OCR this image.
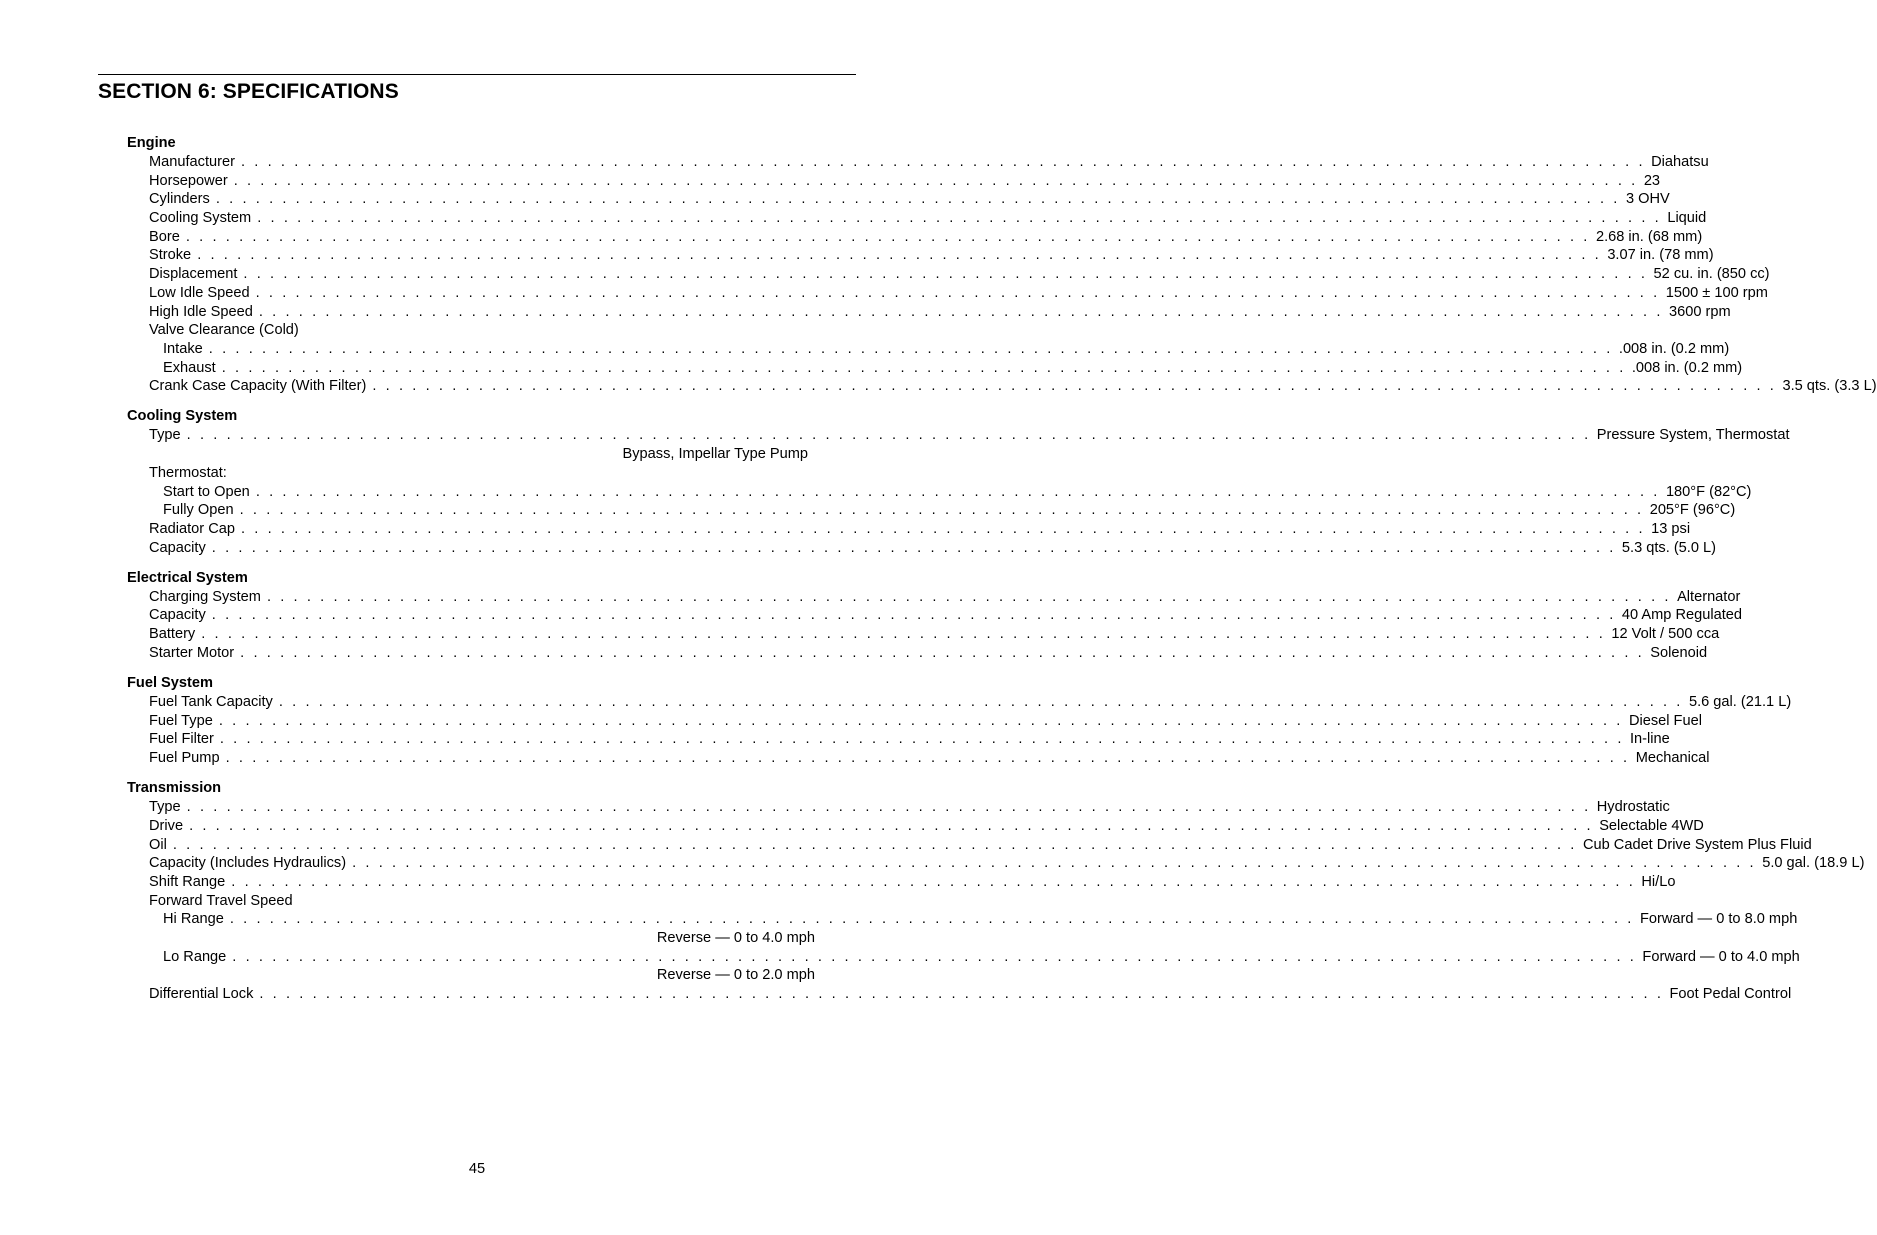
SECTION 6: SPECIFICATIONS
Engine
Manufacturer . . . . . . . . . . . . . . . . . . . . . . . . . . . . . . . . . . . . . . . . . . . . . . . . . . . . . . . . . . . . . . . . . . . . . . . . . . . . . . . . . . . . . . . . . . . . . . . . . . . . . . . . . . Diahatsu
Horsepower . . . . . . . . . . . . . . . . . . . . . . . . . . . . . . . . . . . . . . . . . . . . . . . . . . . . . . . . . . . . . . . . . . . . . . . . . . . . . . . . . . . . . . . . . . . . . . . . . . . . . . . . . . 23
Cylinders . . . . . . . . . . . . . . . . . . . . . . . . . . . . . . . . . . . . . . . . . . . . . . . . . . . . . . . . . . . . . . . . . . . . . . . . . . . . . . . . . . . . . . . . . . . . . . . . . . . . . . . . . . 3 OHV
Cooling System . . . . . . . . . . . . . . . . . . . . . . . . . . . . . . . . . . . . . . . . . . . . . . . . . . . . . . . . . . . . . . . . . . . . . . . . . . . . . . . . . . . . . . . . . . . . . . . . . . . . . . . . . . Liquid
Bore . . . . . . . . . . . . . . . . . . . . . . . . . . . . . . . . . . . . . . . . . . . . . . . . . . . . . . . . . . . . . . . . . . . . . . . . . . . . . . . . . . . . . . . . . . . . . . . . . . . . . . . . . . 2.68 in. (68 mm)
Stroke . . . . . . . . . . . . . . . . . . . . . . . . . . . . . . . . . . . . . . . . . . . . . . . . . . . . . . . . . . . . . . . . . . . . . . . . . . . . . . . . . . . . . . . . . . . . . . . . . . . . . . . . . . 3.07 in. (78 mm)
Displacement . . . . . . . . . . . . . . . . . . . . . . . . . . . . . . . . . . . . . . . . . . . . . . . . . . . . . . . . . . . . . . . . . . . . . . . . . . . . . . . . . . . . . . . . . . . . . . . . . . . . . . . . . . 52 cu. in. (850 cc)
Low Idle Speed . . . . . . . . . . . . . . . . . . . . . . . . . . . . . . . . . . . . . . . . . . . . . . . . . . . . . . . . . . . . . . . . . . . . . . . . . . . . . . . . . . . . . . . . . . . . . . . . . . . . . . . . . . 1500 ± 100 rpm
High Idle Speed . . . . . . . . . . . . . . . . . . . . . . . . . . . . . . . . . . . . . . . . . . . . . . . . . . . . . . . . . . . . . . . . . . . . . . . . . . . . . . . . . . . . . . . . . . . . . . . . . . . . . . . . . . 3600 rpm
Valve Clearance (Cold)
Intake . . . . . . . . . . . . . . . . . . . . . . . . . . . . . . . . . . . . . . . . . . . . . . . . . . . . . . . . . . . . . . . . . . . . . . . . . . . . . . . . . . . . . . . . . . . . . . . . . . . . . . . . . . .008 in. (0.2 mm)
Exhaust . . . . . . . . . . . . . . . . . . . . . . . . . . . . . . . . . . . . . . . . . . . . . . . . . . . . . . . . . . . . . . . . . . . . . . . . . . . . . . . . . . . . . . . . . . . . . . . . . . . . . . . . . . .008 in. (0.2 mm)
Crank Case Capacity (With Filter) . . . . . . . . . . . . . . . . . . . . . . . . . . . . . . . . . . . . . . . . . . . . . . . . . . . . . . . . . . . . . . . . . . . . . . . . . . . . . . . . . . . . . . . . . . . . . . . . . . . . . . . . . . 3.5 qts. (3.3 L)
Cooling System
Type . . . . . . . . . . . . . . . . . . . . . . . . . . . . . . . . . . . . . . . . . . . . . . . . . . . . . . . . . . . . . . . . . . . . . . . . . . . . . . . . . . . . . . . . . . . . . . . . . . . . . . . . . . Pressure System, Thermostat
Bypass, Impellar Type Pump
Thermostat:
Start to Open . . . . . . . . . . . . . . . . . . . . . . . . . . . . . . . . . . . . . . . . . . . . . . . . . . . . . . . . . . . . . . . . . . . . . . . . . . . . . . . . . . . . . . . . . . . . . . . . . . . . . . . . . . 180°F (82°C)
Fully Open . . . . . . . . . . . . . . . . . . . . . . . . . . . . . . . . . . . . . . . . . . . . . . . . . . . . . . . . . . . . . . . . . . . . . . . . . . . . . . . . . . . . . . . . . . . . . . . . . . . . . . . . . . 205°F (96°C)
Radiator Cap . . . . . . . . . . . . . . . . . . . . . . . . . . . . . . . . . . . . . . . . . . . . . . . . . . . . . . . . . . . . . . . . . . . . . . . . . . . . . . . . . . . . . . . . . . . . . . . . . . . . . . . . . . 13 psi
Capacity . . . . . . . . . . . . . . . . . . . . . . . . . . . . . . . . . . . . . . . . . . . . . . . . . . . . . . . . . . . . . . . . . . . . . . . . . . . . . . . . . . . . . . . . . . . . . . . . . . . . . . . . . . 5.3 qts. (5.0 L)
Electrical System
Charging System . . . . . . . . . . . . . . . . . . . . . . . . . . . . . . . . . . . . . . . . . . . . . . . . . . . . . . . . . . . . . . . . . . . . . . . . . . . . . . . . . . . . . . . . . . . . . . . . . . . . . . . . . . Alternator
Capacity . . . . . . . . . . . . . . . . . . . . . . . . . . . . . . . . . . . . . . . . . . . . . . . . . . . . . . . . . . . . . . . . . . . . . . . . . . . . . . . . . . . . . . . . . . . . . . . . . . . . . . . . . . 40 Amp Regulated
Battery . . . . . . . . . . . . . . . . . . . . . . . . . . . . . . . . . . . . . . . . . . . . . . . . . . . . . . . . . . . . . . . . . . . . . . . . . . . . . . . . . . . . . . . . . . . . . . . . . . . . . . . . . . 12 Volt / 500 cca
Starter Motor . . . . . . . . . . . . . . . . . . . . . . . . . . . . . . . . . . . . . . . . . . . . . . . . . . . . . . . . . . . . . . . . . . . . . . . . . . . . . . . . . . . . . . . . . . . . . . . . . . . . . . . . . . Solenoid
Fuel System
Fuel Tank Capacity . . . . . . . . . . . . . . . . . . . . . . . . . . . . . . . . . . . . . . . . . . . . . . . . . . . . . . . . . . . . . . . . . . . . . . . . . . . . . . . . . . . . . . . . . . . . . . . . . . . . . . . . . . 5.6 gal. (21.1 L)
Fuel Type . . . . . . . . . . . . . . . . . . . . . . . . . . . . . . . . . . . . . . . . . . . . . . . . . . . . . . . . . . . . . . . . . . . . . . . . . . . . . . . . . . . . . . . . . . . . . . . . . . . . . . . . . . Diesel Fuel
Fuel Filter . . . . . . . . . . . . . . . . . . . . . . . . . . . . . . . . . . . . . . . . . . . . . . . . . . . . . . . . . . . . . . . . . . . . . . . . . . . . . . . . . . . . . . . . . . . . . . . . . . . . . . . . . . In-line
Fuel Pump . . . . . . . . . . . . . . . . . . . . . . . . . . . . . . . . . . . . . . . . . . . . . . . . . . . . . . . . . . . . . . . . . . . . . . . . . . . . . . . . . . . . . . . . . . . . . . . . . . . . . . . . . . Mechanical
Transmission
Type . . . . . . . . . . . . . . . . . . . . . . . . . . . . . . . . . . . . . . . . . . . . . . . . . . . . . . . . . . . . . . . . . . . . . . . . . . . . . . . . . . . . . . . . . . . . . . . . . . . . . . . . . . Hydrostatic
Drive . . . . . . . . . . . . . . . . . . . . . . . . . . . . . . . . . . . . . . . . . . . . . . . . . . . . . . . . . . . . . . . . . . . . . . . . . . . . . . . . . . . . . . . . . . . . . . . . . . . . . . . . . . Selectable 4WD
Oil . . . . . . . . . . . . . . . . . . . . . . . . . . . . . . . . . . . . . . . . . . . . . . . . . . . . . . . . . . . . . . . . . . . . . . . . . . . . . . . . . . . . . . . . . . . . . . . . . . . . . . . . . . Cub Cadet Drive System Plus Fluid
Capacity (Includes Hydraulics) . . . . . . . . . . . . . . . . . . . . . . . . . . . . . . . . . . . . . . . . . . . . . . . . . . . . . . . . . . . . . . . . . . . . . . . . . . . . . . . . . . . . . . . . . . . . . . . . . . . . . . . . . . 5.0 gal. (18.9 L)
Shift Range . . . . . . . . . . . . . . . . . . . . . . . . . . . . . . . . . . . . . . . . . . . . . . . . . . . . . . . . . . . . . . . . . . . . . . . . . . . . . . . . . . . . . . . . . . . . . . . . . . . . . . . . . . Hi/Lo
Forward Travel Speed
Hi Range . . . . . . . . . . . . . . . . . . . . . . . . . . . . . . . . . . . . . . . . . . . . . . . . . . . . . . . . . . . . . . . . . . . . . . . . . . . . . . . . . . . . . . . . . . . . . . . . . . . . . . . . . . Forward — 0 to 8.0 mph
Reverse — 0 to 4.0 mph
Lo Range . . . . . . . . . . . . . . . . . . . . . . . . . . . . . . . . . . . . . . . . . . . . . . . . . . . . . . . . . . . . . . . . . . . . . . . . . . . . . . . . . . . . . . . . . . . . . . . . . . . . . . . . . . Forward — 0 to 4.0 mph
Reverse — 0 to 2.0 mph
Differential Lock . . . . . . . . . . . . . . . . . . . . . . . . . . . . . . . . . . . . . . . . . . . . . . . . . . . . . . . . . . . . . . . . . . . . . . . . . . . . . . . . . . . . . . . . . . . . . . . . . . . . . . . . . . Foot Pedal Control
45
